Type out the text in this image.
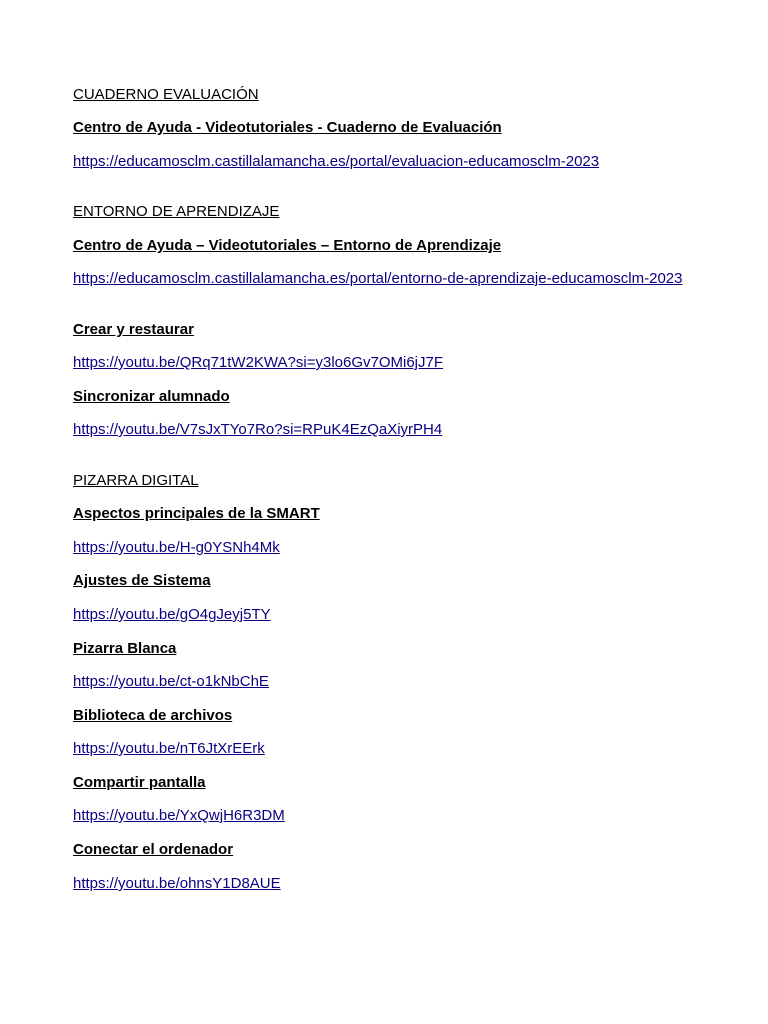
CUADERNO EVALUACIÓN

Centro de Ayuda - Videotutoriales - Cuaderno de Evaluación

https://educamosclm.castillalamancha.es/portal/evaluacion-educamosclm-2023

ENTORNO DE APRENDIZAJE

Centro de Ayuda – Videotutoriales – Entorno de Aprendizaje

https://educamosclm.castillalamancha.es/portal/entorno-de-aprendizaje-educamosclm-2023

Crear y restaurar

https://youtu.be/QRq71tW2KWA?si=y3lo6Gv7OMi6jJ7F

Sincronizar alumnado

https://youtu.be/V7sJxTYo7Ro?si=RPuK4EzQaXiyrPH4

PIZARRA DIGITAL

Aspectos principales de la SMART

https://youtu.be/H-g0YSNh4Mk

Ajustes de Sistema

https://youtu.be/gO4gJeyj5TY

Pizarra Blanca

https://youtu.be/ct-o1kNbChE

Biblioteca de archivos

https://youtu.be/nT6JtXrEErk

Compartir pantalla

https://youtu.be/YxQwjH6R3DM

Conectar el ordenador

https://youtu.be/ohnsY1D8AUE
